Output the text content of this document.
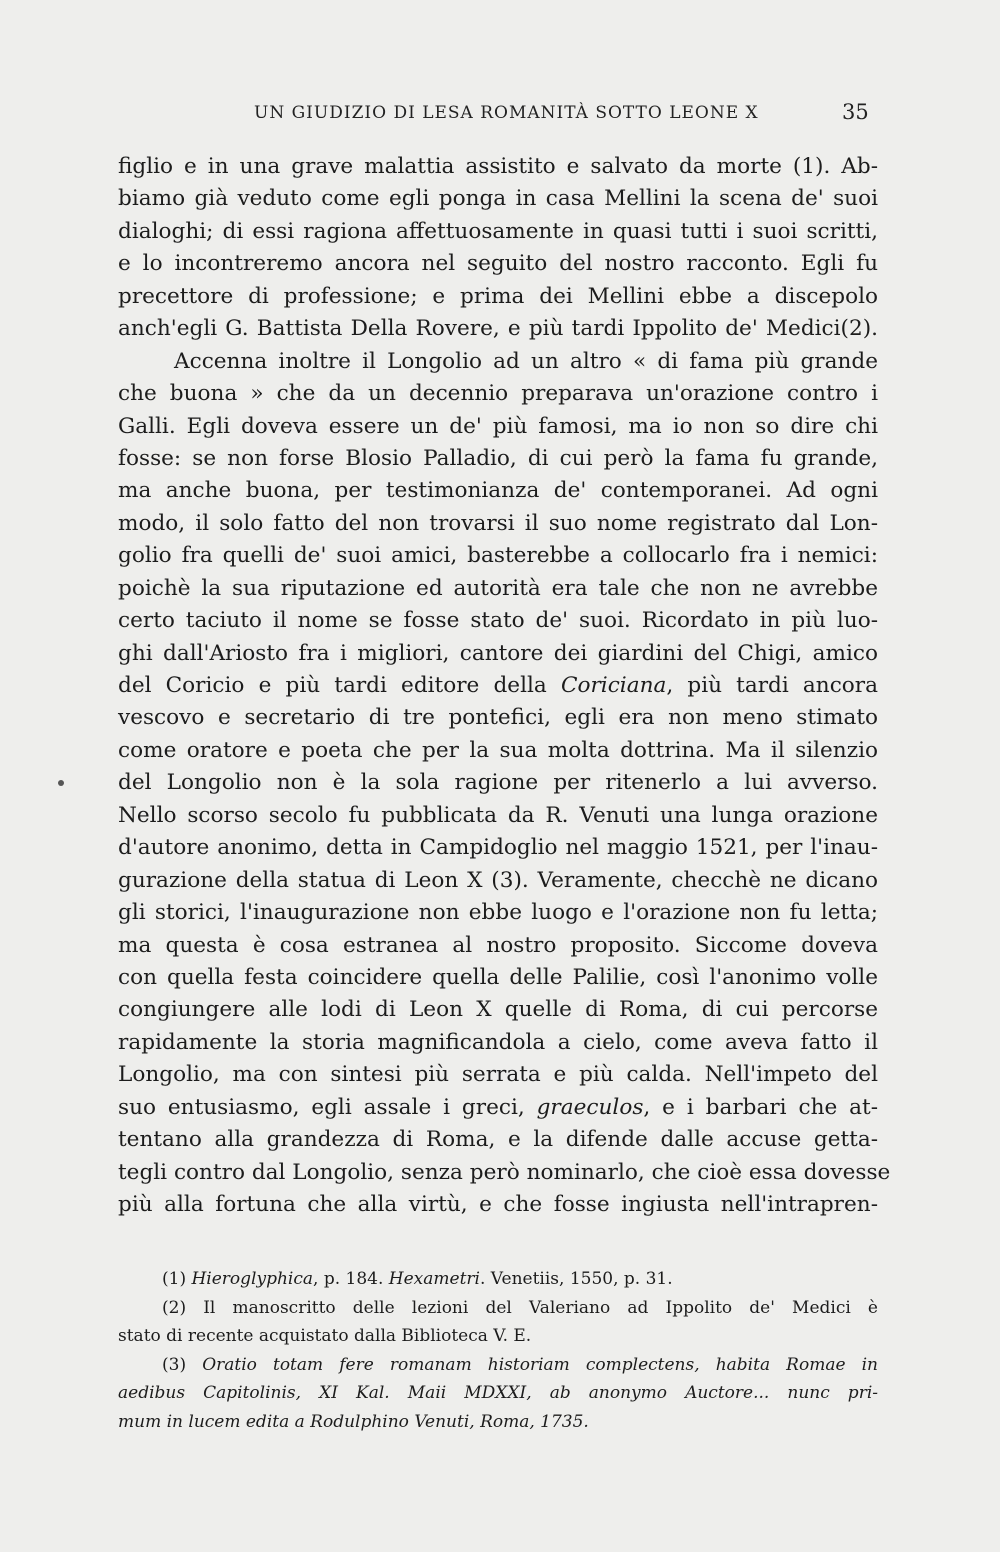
UN GIUDIZIO DI LESA ROMANITÀ SOTTO LEONE X	35
figlio e in una grave malattia assistito e salvato da morte (1). Ab-
biamo già veduto come egli ponga in casa Mellini la scena de' suoi
dialoghi; di essi ragiona affettuosamente in quasi tutti i suoi scritti,
e lo incontreremo ancora nel seguito del nostro racconto. Egli fu
precettore di professione; e prima dei Mellini ebbe a discepolo
anch'egli G. Battista Della Rovere, e più tardi Ippolito de' Medici(2).
Accenna inoltre il Longolio ad un altro « di fama più grande
che buona » che da un decennio preparava un'orazione contro i
Galli. Egli doveva essere un de' più famosi, ma io non so dire chi
fosse: se non forse Blosio Palladio, di cui però la fama fu grande,
ma anche buona, per testimonianza de' contemporanei. Ad ogni
modo, il solo fatto del non trovarsi il suo nome registrato dal Lon-
golio fra quelli de' suoi amici, basterebbe a collocarlo fra i nemici:
poichè la sua riputazione ed autorità era tale che non ne avrebbe
certo taciuto il nome se fosse stato de' suoi. Ricordato in più luo-
ghi dall'Ariosto fra i migliori, cantore dei giardini del Chigi, amico
del Coricio e più tardi editore della Coriciana, più tardi ancora
vescovo e secretario di tre pontefici, egli era non meno stimato
come oratore e poeta che per la sua molta dottrina. Ma il silenzio
del Longolio non è la sola ragione per ritenerlo a lui avverso.
Nello scorso secolo fu pubblicata da R. Venuti una lunga orazione
d'autore anonimo, detta in Campidoglio nel maggio 1521, per l'inau-
gurazione della statua di Leon X (3). Veramente, checchè ne dicano
gli storici, l'inaugurazione non ebbe luogo e l'orazione non fu letta;
ma questa è cosa estranea al nostro proposito. Siccome doveva
con quella festa coincidere quella delle Palilie, così l'anonimo volle
congiungere alle lodi di Leon X quelle di Roma, di cui percorse
rapidamente la storia magnificandola a cielo, come aveva fatto il
Longolio, ma con sintesi più serrata e più calda. Nell'impeto del
suo entusiasmo, egli assale i greci, graeculos, e i barbari che at-
tentano alla grandezza di Roma, e la difende dalle accuse getta-
tegli contro dal Longolio, senza però nominarlo, che cioè essa dovesse
più alla fortuna che alla virtù, e che fosse ingiusta nell'intrapren-
(1) Hieroglyphica, p. 184. Hexametri. Venetiis, 1550, p. 31.
(2) Il manoscritto delle lezioni del Valeriano ad Ippolito de' Medici è
stato di recente acquistato dalla Biblioteca V. E.
(3) Oratio totam fere romanam historiam complectens, habita Romae in
aedibus Capitolinis, XI Kal. Maii MDXXI, ab anonymo Auctore... nunc pri-
mum in lucem edita a Rodulphino Venuti, Roma, 1735.
